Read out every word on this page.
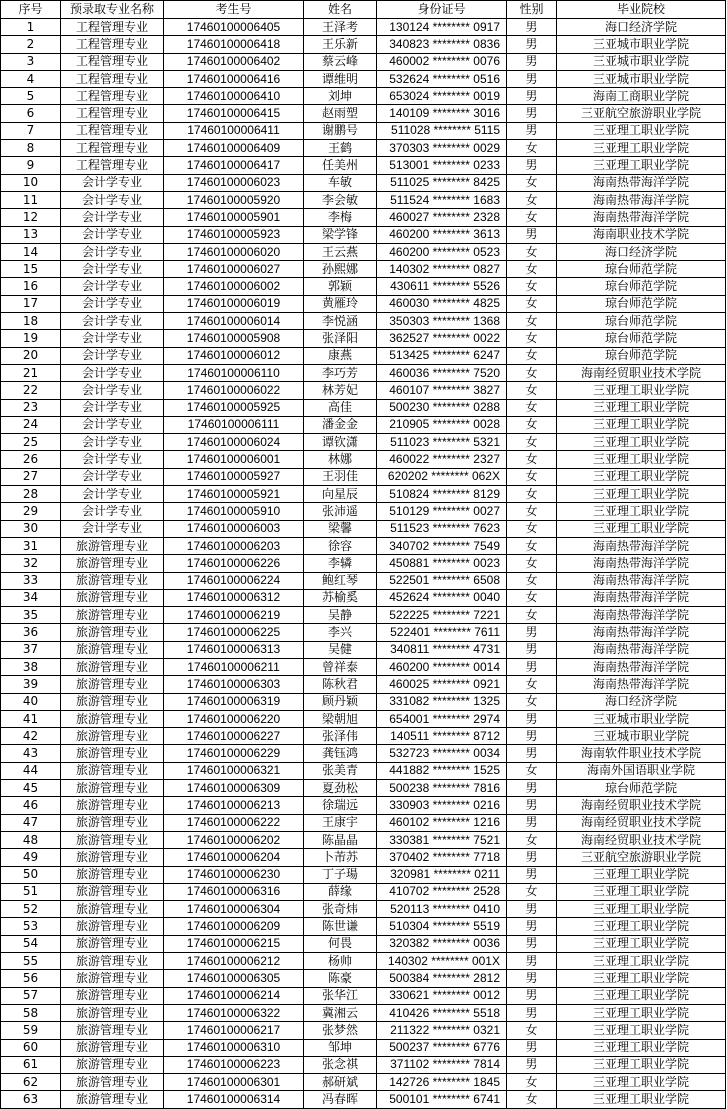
序号	预录取专业名称	考生号	姓名	身份证号	性别	毕业院校
1	工程管理专业	17460100006405	王泽考	130124 ******** 0917	男	海口经济学院
2	工程管理专业	17460100006418	王乐新	340823 ******** 0836	男	三亚城市职业学院
3	工程管理专业	17460100006402	蔡云峰	460002 ******** 0076	男	三亚城市职业学院
4	工程管理专业	17460100006416	谭维明	532624 ******** 0516	男	三亚城市职业学院
5	工程管理专业	17460100006410	刘坤	653024 ******** 0019	男	海南工商职业学院
6	工程管理专业	17460100006415	赵雨塑	140109 ******** 3016	男	三亚航空旅游职业学院
7	工程管理专业	17460100006411	谢鹏号	511028 ******** 5115	男	三亚理工职业学院
8	工程管理专业	17460100006409	王鹤	370303 ******** 0029	女	三亚理工职业学院
9	工程管理专业	17460100006417	任美州	513001 ******** 0233	男	三亚理工职业学院
10	会计学专业	17460100006023	车敏	511025 ******** 8425	女	海南热带海洋学院
11	会计学专业	17460100005920	李会敏	511524 ******** 1683	女	海南热带海洋学院
12	会计学专业	17460100005901	李梅	460027 ******** 2328	女	海南热带海洋学院
13	会计学专业	17460100005923	梁学锋	460200 ******** 3613	男	海南职业技术学院
14	会计学专业	17460100006020	王云燕	460200 ******** 0523	女	海口经济学院
15	会计学专业	17460100006027	孙熙娜	140302 ******** 0827	女	琼台师范学院
16	会计学专业	17460100006002	郭颖	430611 ******** 5526	女	琼台师范学院
17	会计学专业	17460100006019	黄雁玲	460030 ******** 4825	女	琼台师范学院
18	会计学专业	17460100006014	李悦涵	350303 ******** 1368	女	琼台师范学院
19	会计学专业	17460100005908	张泽阳	362527 ******** 0022	女	琼台师范学院
20	会计学专业	17460100006012	康燕	513425 ******** 6247	女	琼台师范学院
21	会计学专业	17460100006110	李巧芳	460036 ******** 7520	女	海南经贸职业技术学院
22	会计学专业	17460100006022	林芳妃	460107 ******** 3827	女	三亚理工职业学院
23	会计学专业	17460100005925	高佳	500230 ******** 0288	女	三亚理工职业学院
24	会计学专业	17460100006111	潘金金	210905 ******** 0028	女	三亚理工职业学院
25	会计学专业	17460100006024	谭钦潇	511023 ******** 5321	女	三亚理工职业学院
26	会计学专业	17460100006001	林娜	460022 ******** 2327	女	三亚理工职业学院
27	会计学专业	17460100005927	王羽佳	620202 ******** 062X	女	三亚理工职业学院
28	会计学专业	17460100005921	向星辰	510824 ******** 8129	女	三亚理工职业学院
29	会计学专业	17460100005910	张沛遥	510129 ******** 0027	女	三亚理工职业学院
30	会计学专业	17460100006003	梁馨	511523 ******** 7623	女	三亚理工职业学院
31	旅游管理专业	17460100006203	徐容	340702 ******** 7549	女	海南热带海洋学院
32	旅游管理专业	17460100006226	李辚	450881 ******** 0023	女	海南热带海洋学院
33	旅游管理专业	17460100006224	鲍红琴	522501 ******** 6508	女	海南热带海洋学院
34	旅游管理专业	17460100006312	苏榆奚	452624 ******** 0040	女	海南热带海洋学院
35	旅游管理专业	17460100006219	吴静	522225 ******** 7221	女	海南热带海洋学院
36	旅游管理专业	17460100006225	李兴	522401 ******** 7611	男	海南热带海洋学院
37	旅游管理专业	17460100006313	吴健	340811 ******** 4731	男	海南热带海洋学院
38	旅游管理专业	17460100006211	曾祥泰	460200 ******** 0014	男	海南热带海洋学院
39	旅游管理专业	17460100006303	陈秋君	460025 ******** 0921	女	海南热带海洋学院
40	旅游管理专业	17460100006319	顾丹颖	331082 ******** 1325	女	海口经济学院
41	旅游管理专业	17460100006220	梁朝旭	654001 ******** 2974	男	三亚城市职业学院
42	旅游管理专业	17460100006227	张泽伟	140511 ******** 8712	男	三亚城市职业学院
43	旅游管理专业	17460100006229	龚钰鸿	532723 ******** 0034	男	海南软件职业技术学院
44	旅游管理专业	17460100006321	张美青	441882 ******** 1525	女	海南外国语职业学院
45	旅游管理专业	17460100006309	夏劲松	500238 ******** 7816	男	琼台师范学院
46	旅游管理专业	17460100006213	徐瑞远	330903 ******** 0216	男	海南经贸职业技术学院
47	旅游管理专业	17460100006222	王康宇	460102 ******** 1216	男	海南经贸职业技术学院
48	旅游管理专业	17460100006202	陈晶晶	330381 ******** 7521	女	海南经贸职业技术学院
49	旅游管理专业	17460100006204	卜芾苏	370402 ******** 7718	男	三亚航空旅游职业学院
50	旅游管理专业	17460100006230	丁子瑒	320981 ******** 0211	男	三亚理工职业学院
51	旅游管理专业	17460100006316	薛缘	410702 ******** 2528	女	三亚理工职业学院
52	旅游管理专业	17460100006304	张奇炜	520113 ******** 0410	男	三亚理工职业学院
53	旅游管理专业	17460100006209	陈世谦	510304 ******** 5519	男	三亚理工职业学院
54	旅游管理专业	17460100006215	何畏	320382 ******** 0036	男	三亚理工职业学院
55	旅游管理专业	17460100006212	杨帅	140302 ******** 001X	男	三亚理工职业学院
56	旅游管理专业	17460100006305	陈豪	500384 ******** 2812	男	三亚理工职业学院
57	旅游管理专业	17460100006214	张华江	330621 ******** 0012	男	三亚理工职业学院
58	旅游管理专业	17460100006322	冀湘云	410426 ******** 5518	男	三亚理工职业学院
59	旅游管理专业	17460100006217	张梦然	211322 ******** 0321	女	三亚理工职业学院
60	旅游管理专业	17460100006310	邹坤	500237 ******** 6776	男	三亚理工职业学院
61	旅游管理专业	17460100006223	张念祺	371102 ******** 7814	男	三亚理工职业学院
62	旅游管理专业	17460100006301	郝研斌	142726 ******** 1845	女	三亚理工职业学院
63	旅游管理专业	17460100006314	冯春晖	500101 ******** 6741	女	三亚理工职业学院
